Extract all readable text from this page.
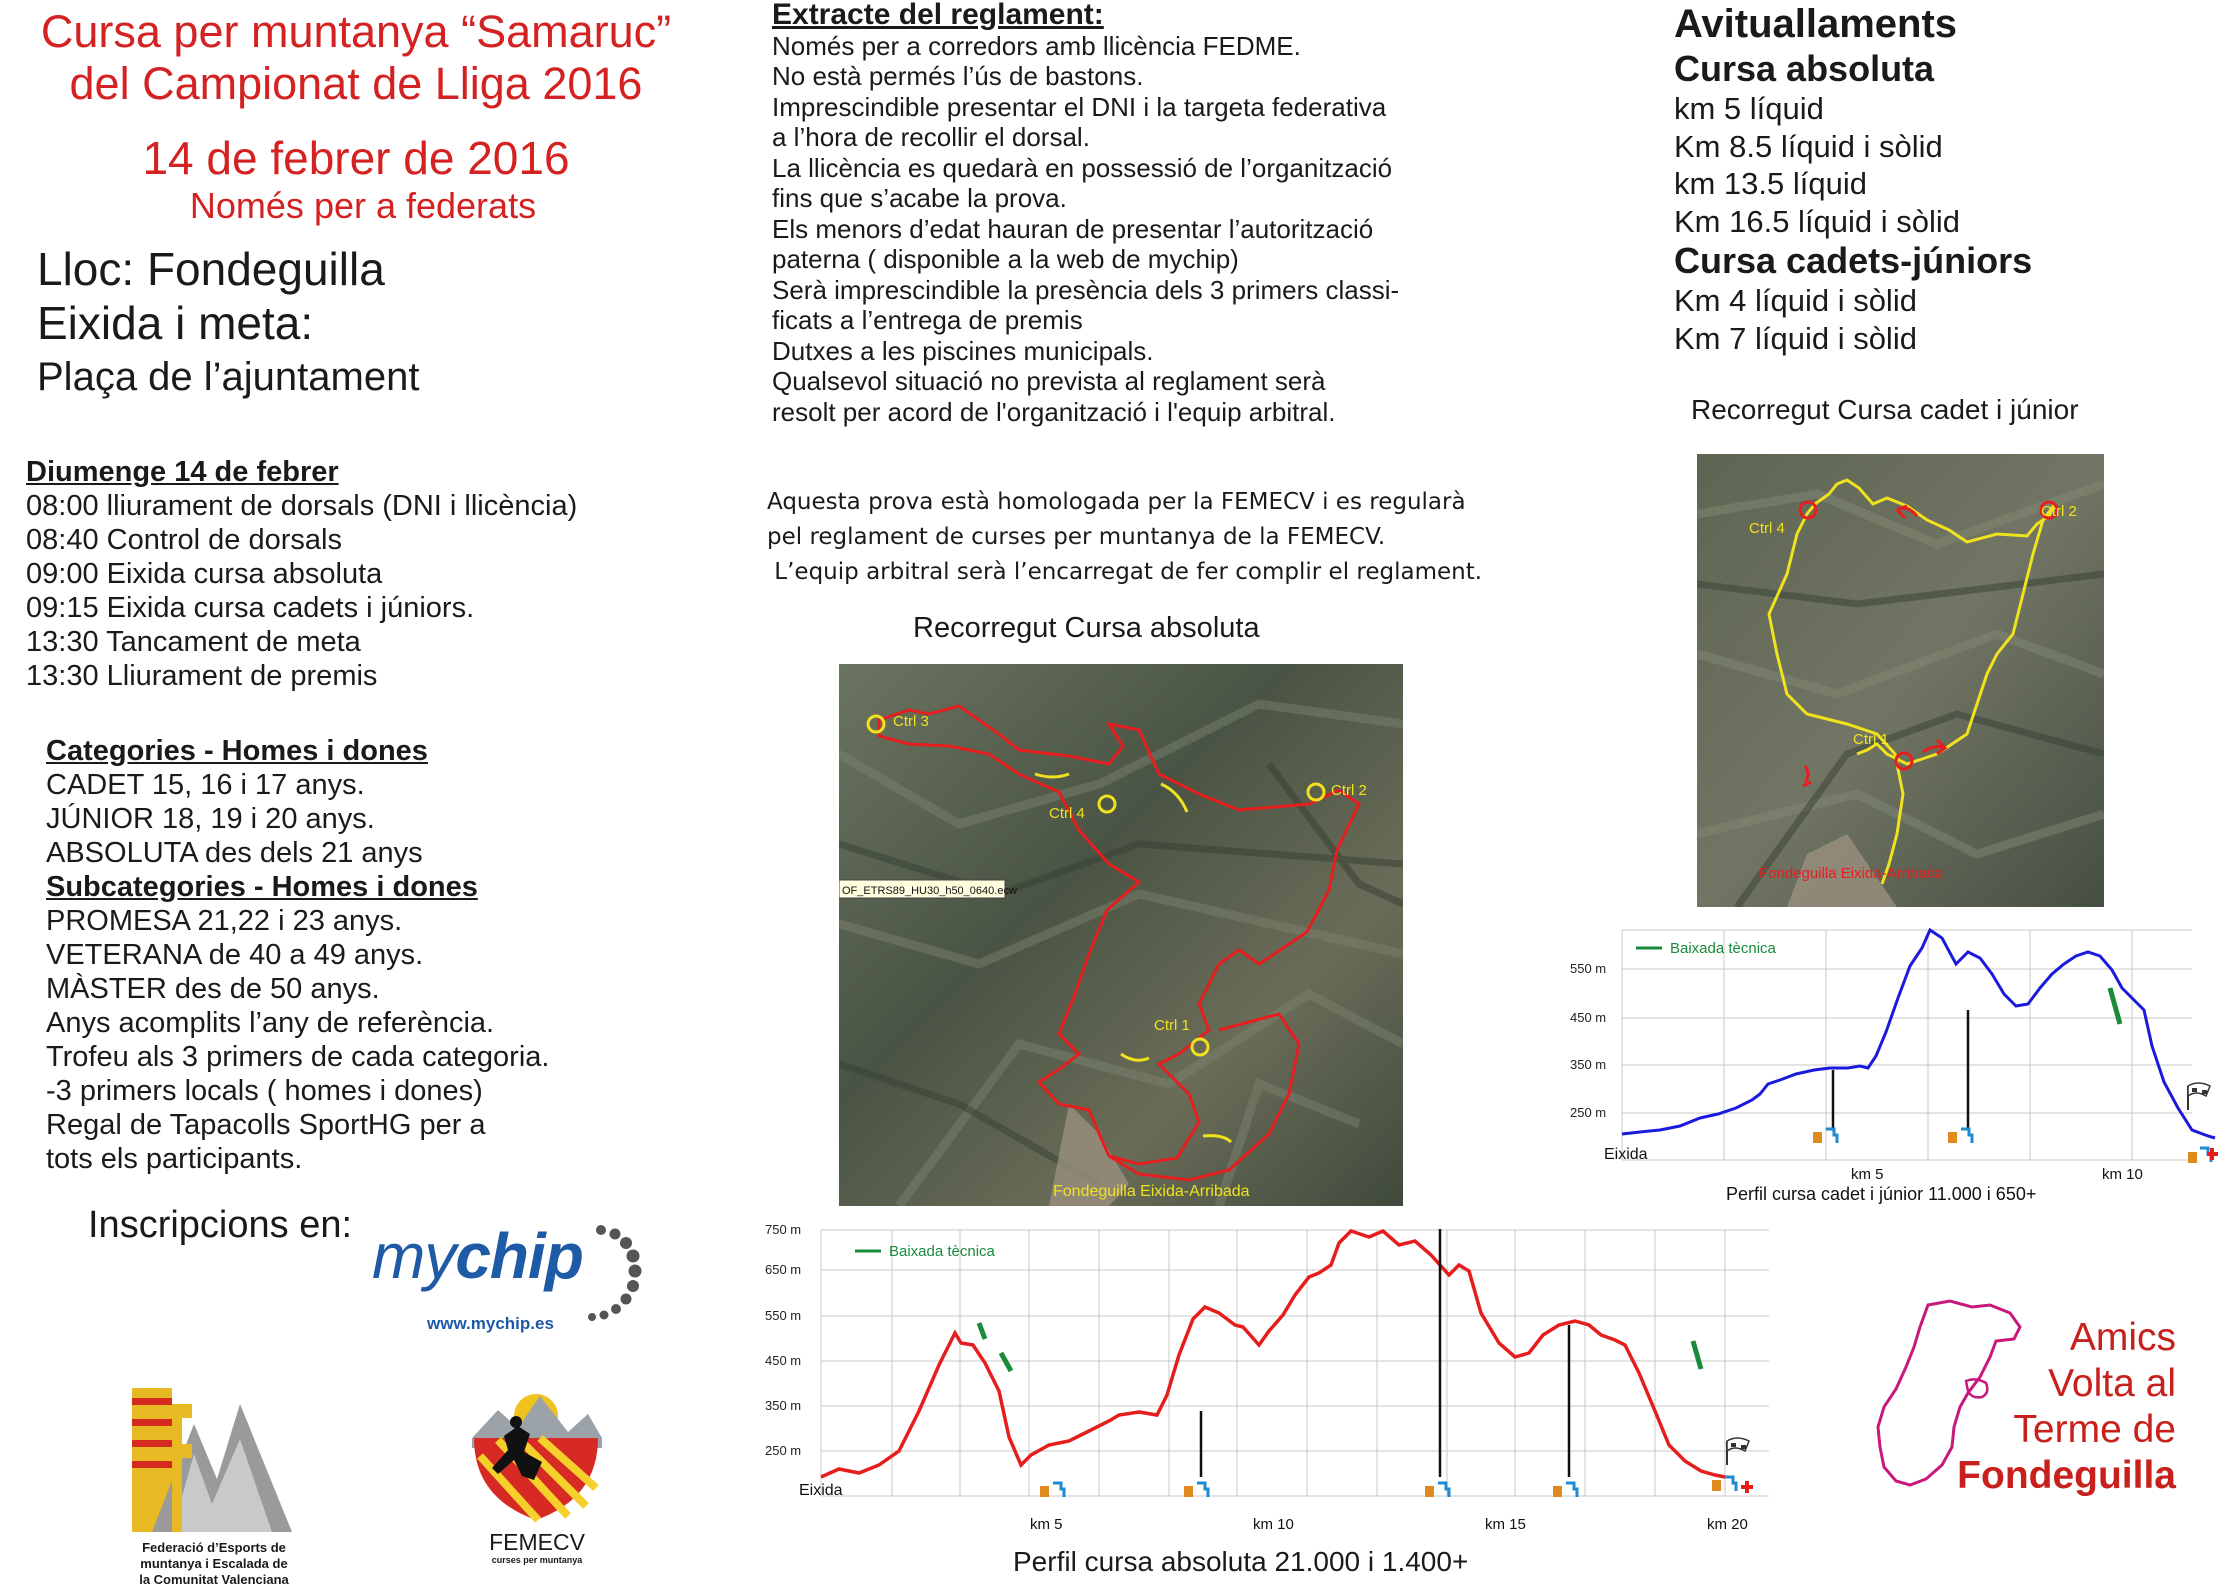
Cursa per muntanya “Samaruc”
del Campionat de Lliga 2016
14 de febrer de 2016
Només per a federats
Lloc: Fondeguilla
Eixida i meta:
Plaça de l’ajuntament
Diumenge 14 de febrer
08:00 lliurament de dorsals (DNI i llicència)
08:40 Control de dorsals
09:00 Eixida cursa absoluta
09:15 Eixida cursa cadets i júniors.
13:30 Tancament de meta
13:30 Lliurament de premis
Categories - Homes i dones
CADET 15, 16 i 17 anys.
JÚNIOR 18, 19 i 20 anys.
ABSOLUTA des dels 21 anys
Subcategories - Homes i dones
PROMESA 21,22 i 23 anys.
VETERANA de 40 a 49 anys.
MÀSTER des de 50 anys.
Anys acomplits l’any de referència.
Trofeu als 3 primers de cada categoria.
-3 primers locals ( homes i dones)
Regal de Tapacolls SportHG per a
tots els participants.
Inscripcions en: mychip
www.mychip.es
Federació d’Esports de
muntanya i Escalada de
la Comunitat Valenciana
FEMECV
curses per muntanya
Extracte del reglament:
Només per a corredors amb llicència FEDME.
No està permés l’ús de bastons.
Imprescindible presentar el DNI i la targeta federativa
a l’hora de recollir el dorsal.
La llicència es quedarà en possessió de l’organització
fins que s’acabe la prova.
Els menors d’edat hauran de presentar l’autorització
paterna ( disponible a la web de mychip)
Serà imprescindible la presència dels 3 primers classi-
ficats a l’entrega de premis
Dutxes a les piscines municipals.
Qualsevol situació no prevista al reglament serà
resolt per acord de l'organització i l'equip arbitral.
Aquesta prova està homologada per la FEMECV i es regularà
pel reglament de curses per muntanya de la FEMECV.
L’equip arbitral serà l’encarregat de fer complir el reglament.
Recorregut Cursa absoluta
Ctrl 3
Ctrl 4
Ctrl 2
Ctrl 1
Fondeguilla Eixida-Arribada
OF_ETRS89_HU30_h50_0640.ecw
750 m
650 m
550 m
450 m
350 m
250 m
Baixada tècnica
Eixida
km 5	km 10	km 15	km 20
Perfil cursa absoluta 21.000 i 1.400+
Avituallaments
Cursa absoluta
km 5 líquid
Km 8.5 líquid i sòlid
km 13.5 líquid
Km 16.5 líquid i sòlid
Cursa cadets-júniors
Km 4 líquid i sòlid
Km 7 líquid i sòlid
Recorregut Cursa cadet i júnior
Ctrl 4
Ctrl 2
Ctrl 1
Fondeguilla Eixida-Arribada
550 m
450 m
350 m
250 m
Baixada tècnica
Eixida
km 5	km 10
Perfil cursa cadet i júnior 11.000 i 650+
Amics
Volta al
Terme de
Fondeguilla
